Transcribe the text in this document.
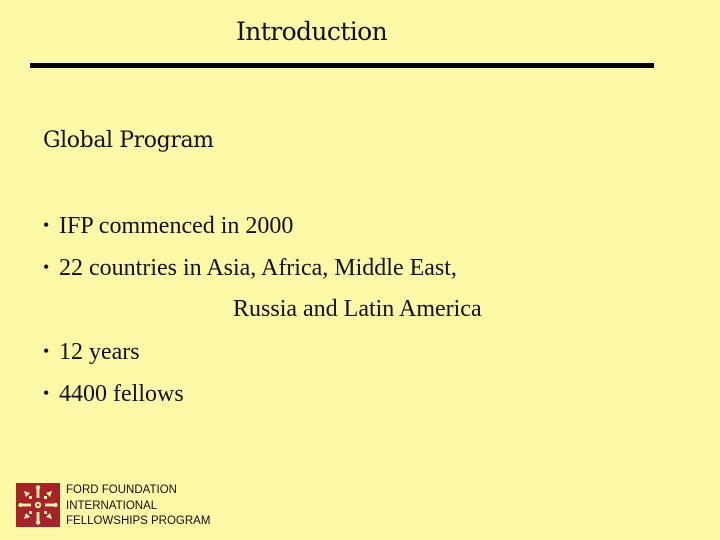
Introduction
Global Program
• IFP commenced in 2000
• 22 countries in Asia, Africa, Middle East,
Russia and Latin America
• 12 years
• 4400 fellows
FORD FOUNDATION
INTERNATIONAL
FELLOWSHIPS PROGRAM
